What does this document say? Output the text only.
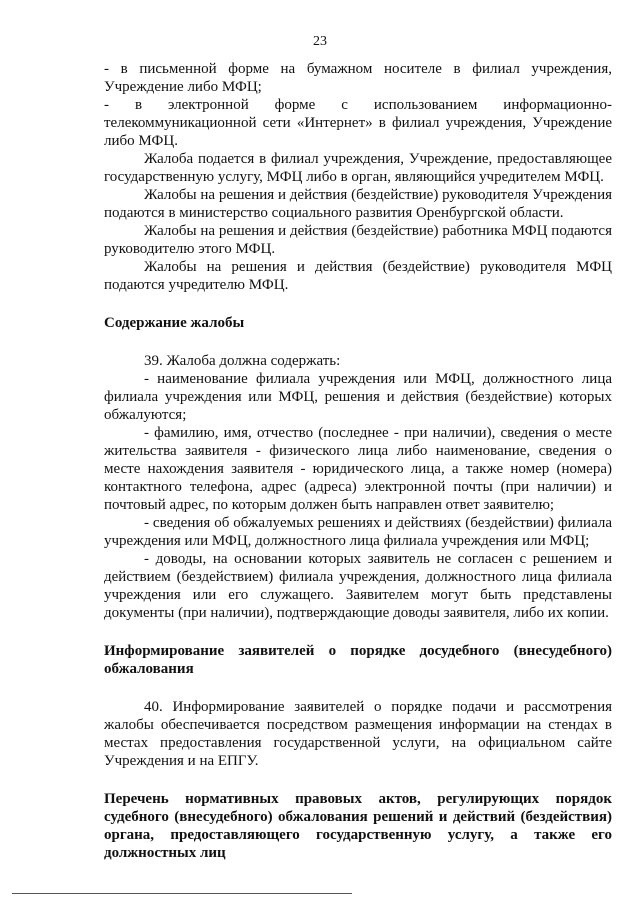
23

- в письменной форме на бумажном носителе в филиал учреждения, Учреждение либо МФЦ;

- в электронной форме с использованием информационно-телекоммуникационной сети «Интернет» в филиал учреждения, Учреждение либо МФЦ.

Жалоба подается в филиал учреждения, Учреждение, предоставляющее государственную услугу, МФЦ либо в орган, являющийся учредителем МФЦ.

Жалобы на решения и действия (бездействие) руководителя Учреждения подаются в министерство социального развития Оренбургской области.

Жалобы на решения и действия (бездействие) работника МФЦ подаются руководителю этого МФЦ.

Жалобы на решения и действия (бездействие) руководителя МФЦ подаются учредителю МФЦ.

Содержание жалобы

39. Жалоба должна содержать:

- наименование филиала учреждения или МФЦ, должностного лица филиала учреждения или МФЦ, решения и действия (бездействие) которых обжалуются;

- фамилию, имя, отчество (последнее - при наличии), сведения о месте жительства заявителя - физического лица либо наименование, сведения о месте нахождения заявителя - юридического лица, а также номер (номера) контактного телефона, адрес (адреса) электронной почты (при наличии) и почтовый адрес, по которым должен быть направлен ответ заявителю;

- сведения об обжалуемых решениях и действиях (бездействии) филиала учреждения или МФЦ, должностного лица филиала учреждения или МФЦ;

- доводы, на основании которых заявитель не согласен с решением и действием (бездействием) филиала учреждения, должностного лица филиала учреждения или его служащего. Заявителем могут быть представлены документы (при наличии), подтверждающие доводы заявителя, либо их копии.

Информирование заявителей о порядке досудебного (внесудебного) обжалования

40. Информирование заявителей о порядке подачи и рассмотрения жалобы обеспечивается посредством размещения информации на стендах в местах предоставления государственной услуги, на официальном сайте Учреждения и на ЕПГУ.

Перечень нормативных правовых актов, регулирующих порядок судебного (внесудебного) обжалования решений и действий (бездействия) органа, предоставляющего государственную услугу, а также его должностных лиц
